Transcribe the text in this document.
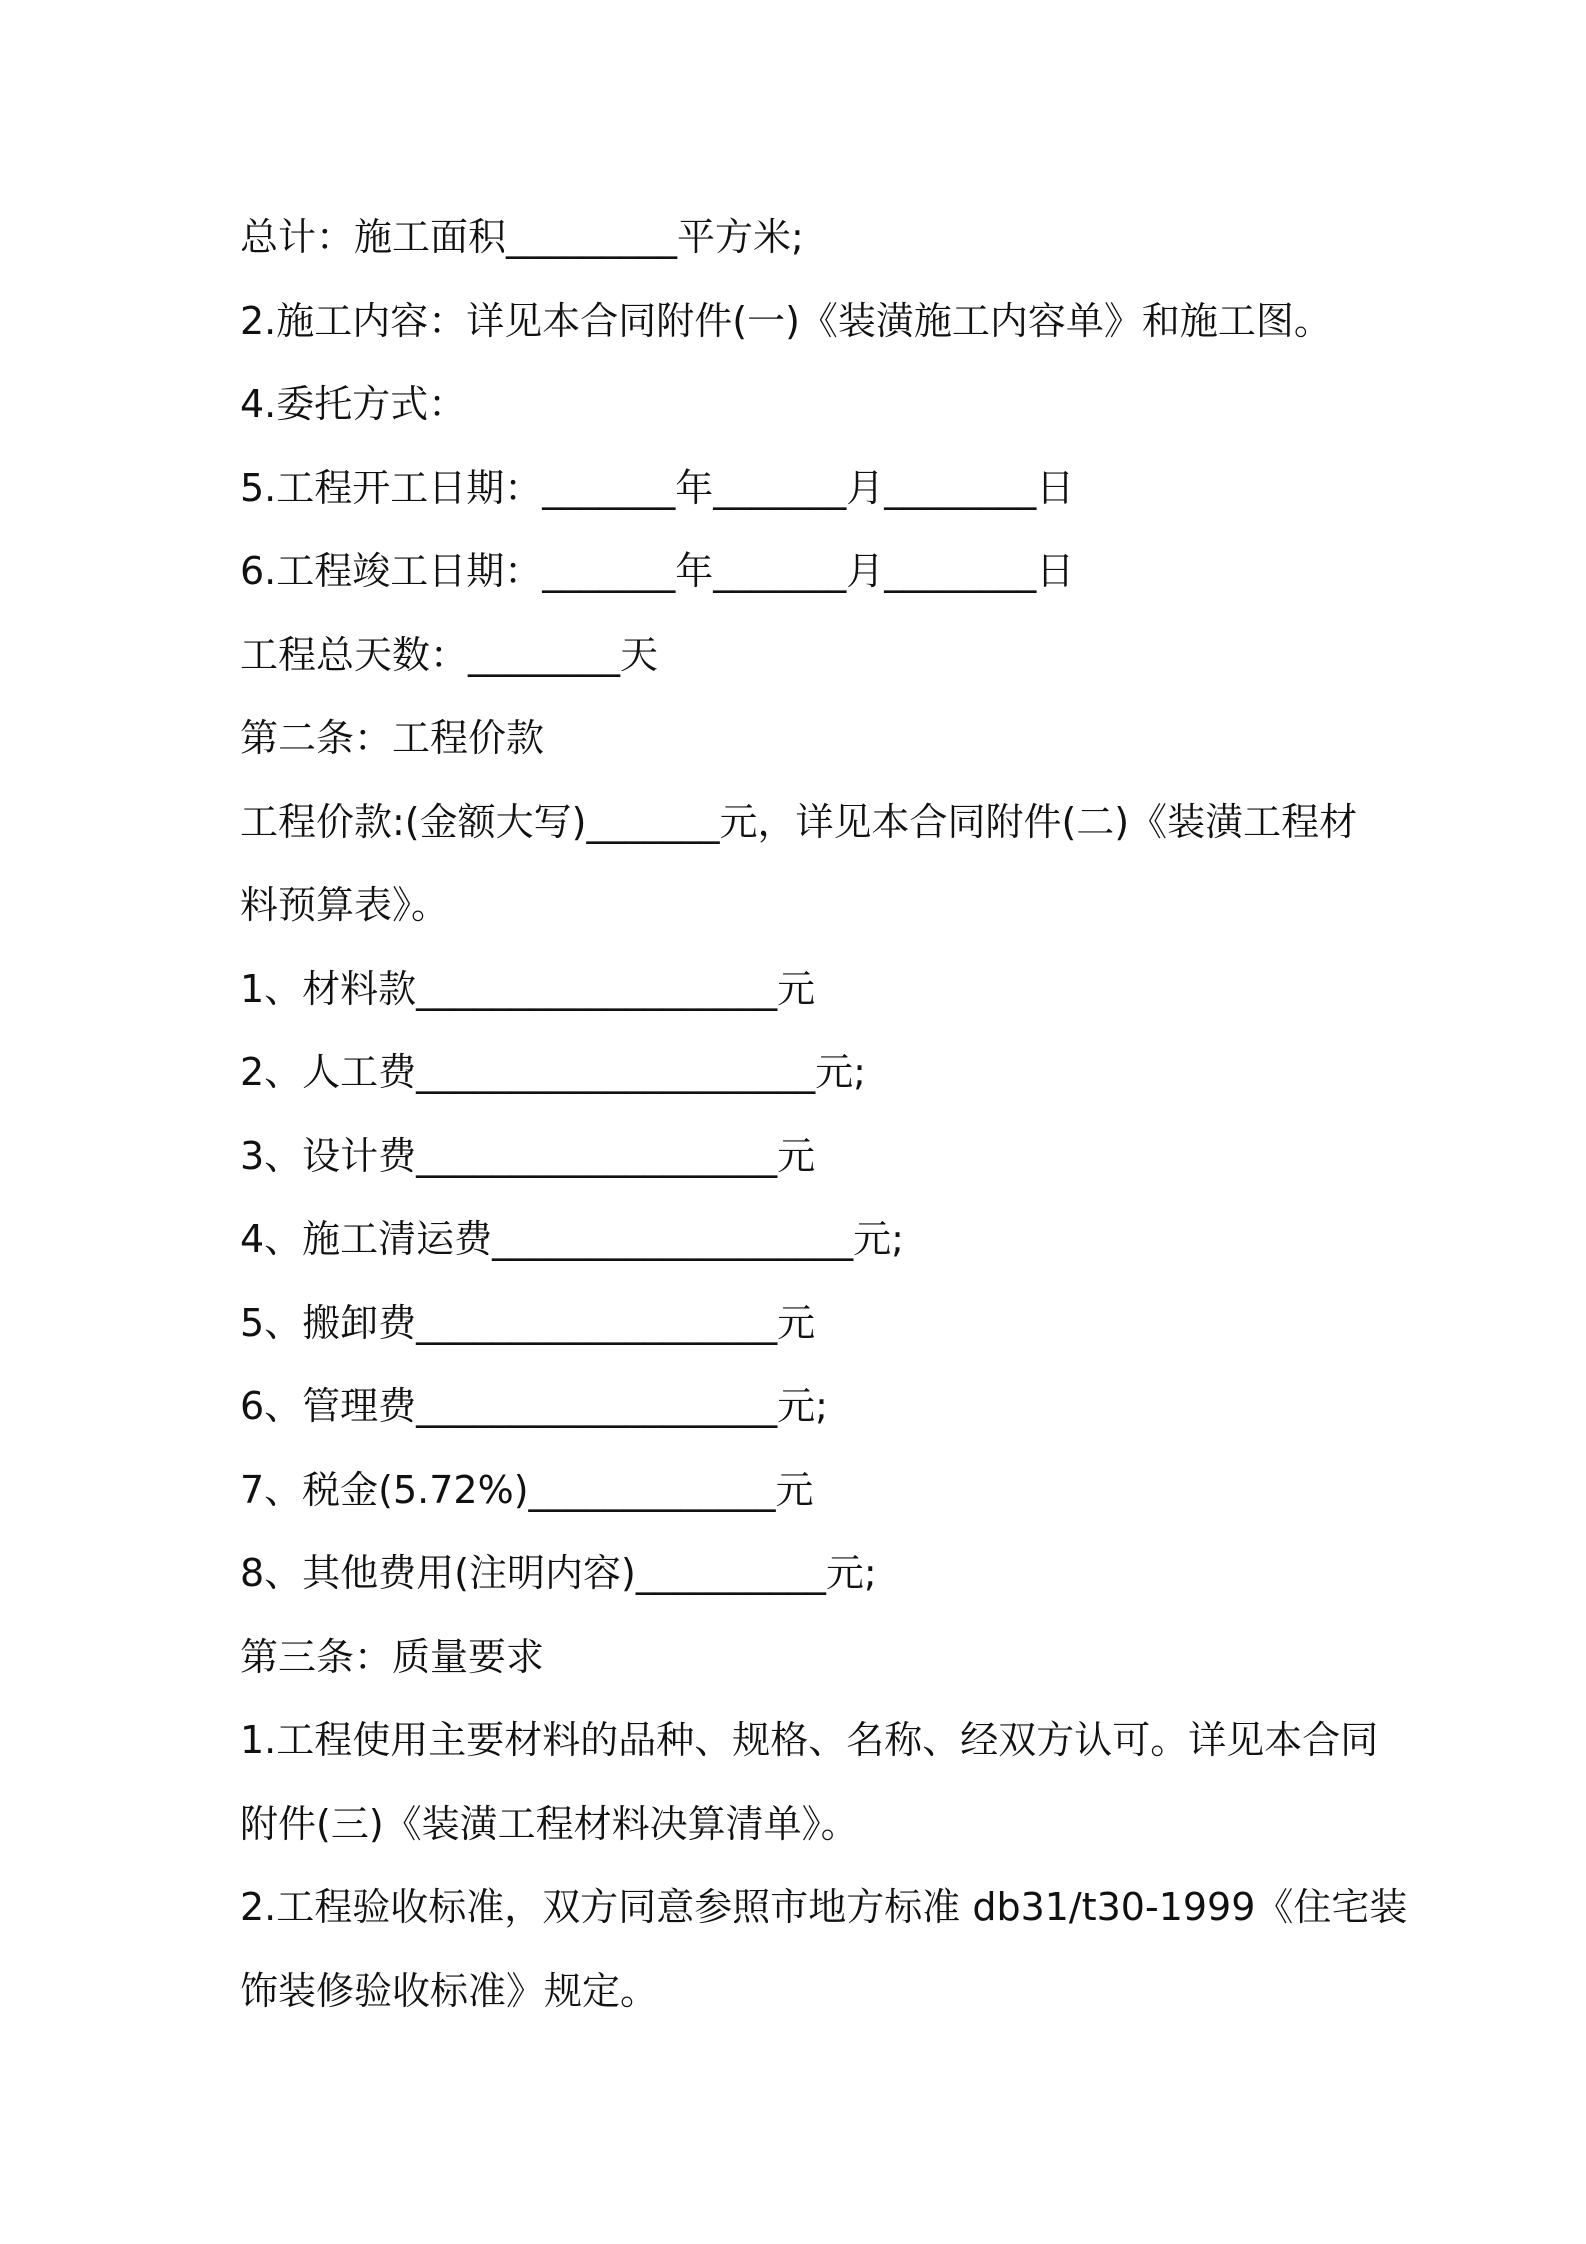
总计：施工面积_________平方米;

2.施工内容：详见本合同附件(一)《装潢施工内容单》和施工图。

4.委托方式：

5.工程开工日期：_______年_______月________日

6.工程竣工日期：_______年_______月________日

工程总天数：________天

第二条：工程价款

工程价款:(金额大写)_______元，详见本合同附件(二)《装潢工程材

料预算表》。

1、材料款___________________元

2、人工费_____________________元;

3、设计费___________________元

4、施工清运费___________________元;

5、搬卸费___________________元

6、管理费___________________元;

7、税金(5.72%)_____________元

8、其他费用(注明内容)__________元;

第三条：质量要求

1.工程使用主要材料的品种、规格、名称、经双方认可。详见本合同

附件(三)《装潢工程材料决算清单》。

2.工程验收标准，双方同意参照市地方标准 db31/t30-1999《住宅装

饰装修验收标准》规定。
